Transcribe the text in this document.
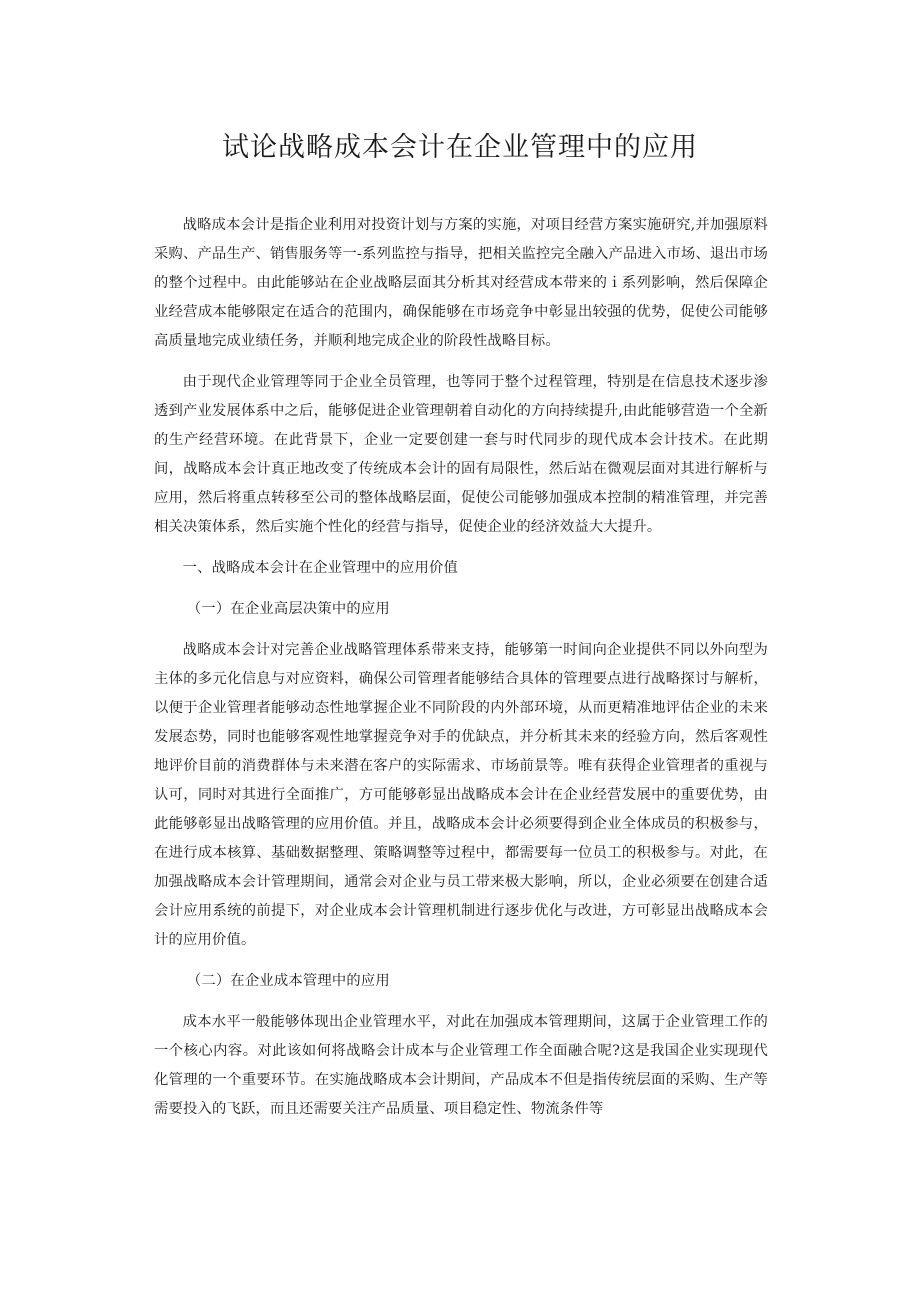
试论战略成本会计在企业管理中的应用

战略成本会计是指企业利用对投资计划与方案的实施，对项目经营方案实施研究,并加强原料采购、产品生产、销售服务等一-系列监控与指导，把相关监控完全融入产品进入市场、退出市场的整个过程中。由此能够站在企业战略层面其分析其对经营成本带来的ｉ系列影响，然后保障企业经营成本能够限定在适合的范围内，确保能够在市场竞争中彰显出较强的优势，促使公司能够高质量地完成业绩任务，并顺利地完成企业的阶段性战略目标。

由于现代企业管理等同于企业全员管理，也等同于整个过程管理，特别是在信息技术逐步渗透到产业发展体系中之后，能够促进企业管理朝着自动化的方向持续提升,由此能够营造一个全新的生产经营环境。在此背景下，企业一定要创建一套与时代同步的现代成本会计技术。在此期间，战略成本会计真正地改变了传统成本会计的固有局限性，然后站在微观层面对其进行解析与应用，然后将重点转移至公司的整体战略层面，促使公司能够加强成本控制的精准管理，并完善相关决策体系，然后实施个性化的经营与指导，促使企业的经济效益大大提升。

一、战略成本会计在企业管理中的应用价值

（一）在企业高层决策中的应用

战略成本会计对完善企业战略管理体系带来支持，能够第一时间向企业提供不同以外向型为主体的多元化信息与对应资料，确保公司管理者能够结合具体的管理要点进行战略探讨与解析，以便于企业管理者能够动态性地掌握企业不同阶段的内外部环境，从而更精准地评估企业的未来发展态势，同时也能够客观性地掌握竞争对手的优缺点，并分析其未来的经验方向，然后客观性地评价目前的消费群体与未来潜在客户的实际需求、市场前景等。唯有获得企业管理者的重视与认可，同时对其进行全面推广，方可能够彰显出战略成本会计在企业经营发展中的重要优势，由此能够彰显出战略管理的应用价值。并且，战略成本会计必须要得到企业全体成员的积极参与，在进行成本核算、基础数据整理、策略调整等过程中，都需要每一位员工的积极参与。对此，在加强战略成本会计管理期间，通常会对企业与员工带来极大影响，所以，企业必须要在创建合适会计应用系统的前提下，对企业成本会计管理机制进行逐步优化与改进，方可彰显出战略成本会计的应用价值。

（二）在企业成本管理中的应用

成本水平一般能够体现出企业管理水平，对此在加强成本管理期间，这属于企业管理工作的一个核心内容。对此该如何将战略会计成本与企业管理工作全面融合呢?这是我国企业实现现代化管理的一个重要环节。在实施战略成本会计期间，产品成本不但是指传统层面的采购、生产等需要投入的飞跃，而且还需要关注产品质量、项目稳定性、物流条件等
